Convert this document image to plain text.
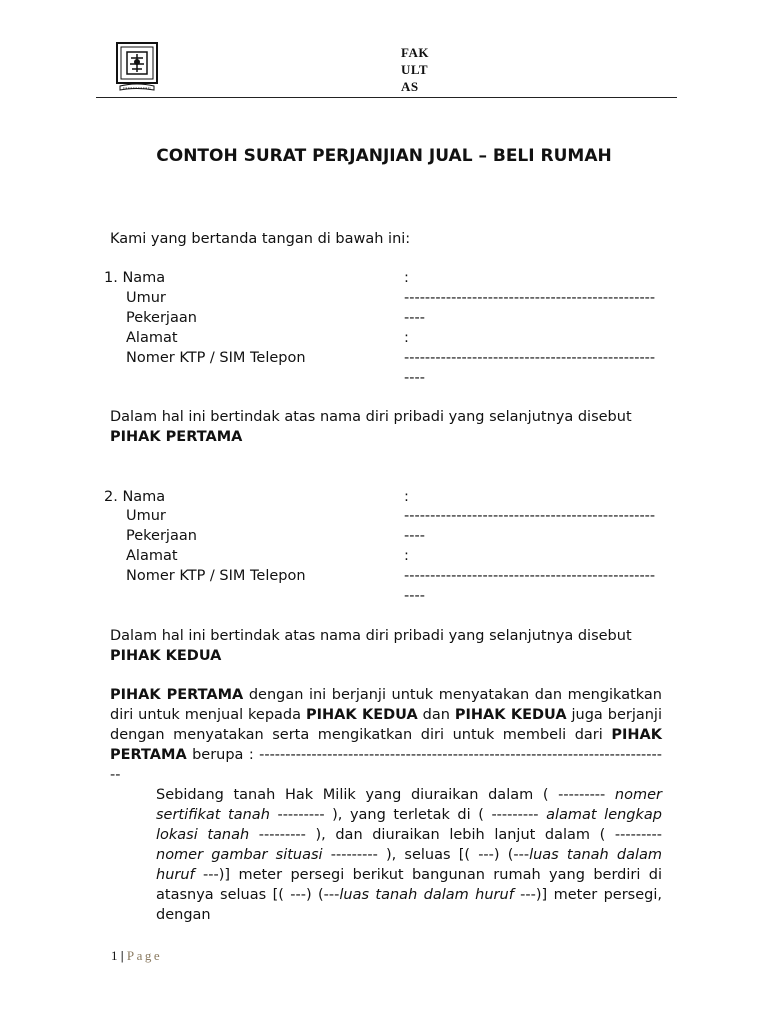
FAK
ULT
AS
CONTOH SURAT PERJANJIAN JUAL – BELI RUMAH
Kami yang bertanda tangan di bawah ini:
1. Nama
Umur
Pekerjaan
Alamat
Nomer KTP / SIM Telepon
:
------------------------------------------------
----
:
------------------------------------------------
----
Dalam hal ini bertindak atas nama diri pribadi yang selanjutnya disebut
PIHAK PERTAMA
2. Nama
Umur
Pekerjaan
Alamat
Nomer KTP / SIM Telepon
:
------------------------------------------------
----
:
------------------------------------------------
----
Dalam hal ini bertindak atas nama diri pribadi yang selanjutnya disebut
PIHAK KEDUA
PIHAK PERTAMA dengan ini berjanji untuk menyatakan dan mengikatkan diri untuk menjual kepada PIHAK KEDUA dan PIHAK KEDUA juga berjanji dengan menyatakan serta mengikatkan diri untuk membeli dari PIHAK PERTAMA berupa : -------------------------------------------------------------------------------
Sebidang tanah Hak Milik yang diuraikan dalam ( --------- nomer sertifikat tanah --------- ), yang terletak di ( --------- alamat lengkap lokasi tanah --------- ), dan diuraikan lebih lanjut dalam ( --------- nomer gambar situasi --------- ), seluas [( ---) (---luas tanah dalam huruf ---)] meter persegi berikut bangunan rumah yang berdiri di atasnya seluas [( ---) (---luas tanah dalam huruf ---)] meter persegi, dengan
1 | Page
